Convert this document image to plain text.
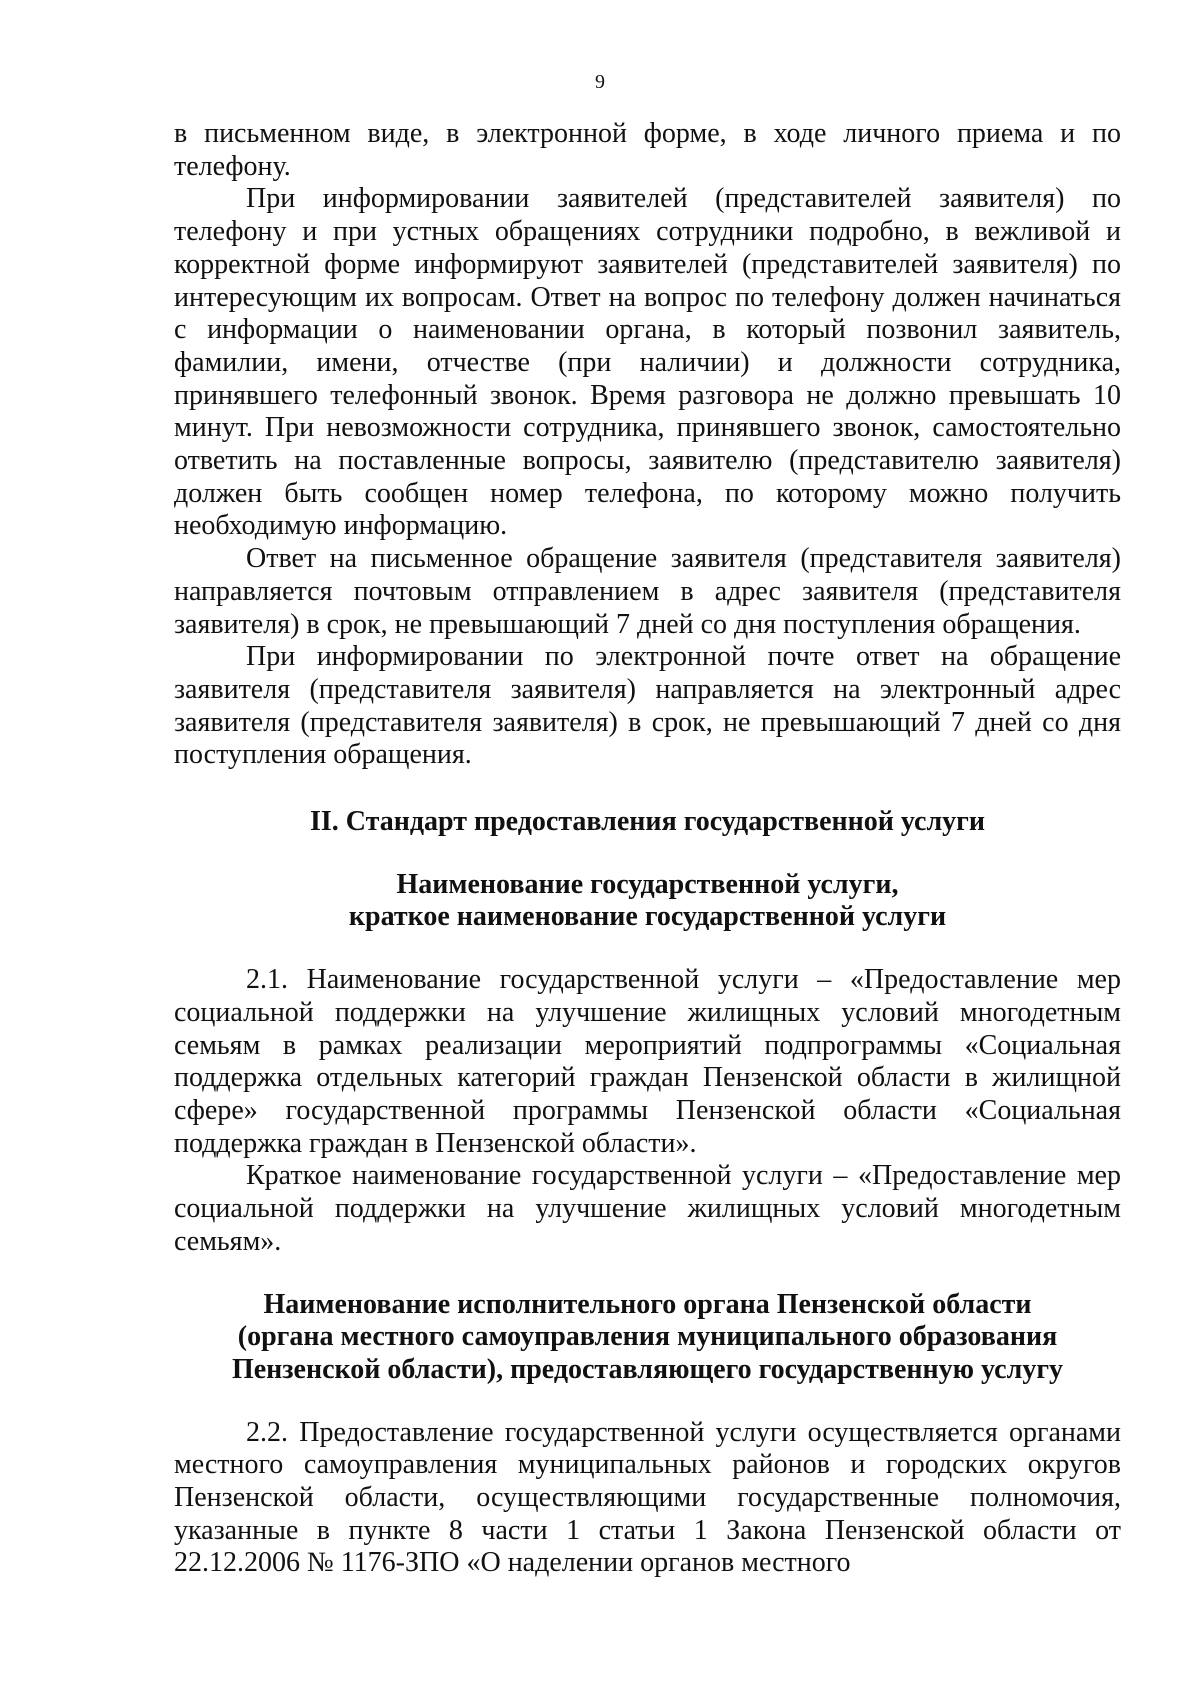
9

в письменном виде, в электронной форме, в ходе личного приема и по телефону.

При информировании заявителей (представителей заявителя) по телефону и при устных обращениях сотрудники подробно, в вежливой и корректной форме информируют заявителей (представителей заявителя) по интересующим их вопросам. Ответ на вопрос по телефону должен начинаться с информации о наименовании органа, в который позвонил заявитель, фамилии, имени, отчестве (при наличии) и должности сотрудника, принявшего телефонный звонок. Время разговора не должно превышать 10 минут. При невозможности сотрудника, принявшего звонок, самостоятельно ответить на поставленные вопросы, заявителю (представителю заявителя) должен быть сообщен номер телефона, по которому можно получить необходимую информацию.

Ответ на письменное обращение заявителя (представителя заявителя) направляется почтовым отправлением в адрес заявителя (представителя заявителя) в срок, не превышающий 7 дней со дня поступления обращения.

При информировании по электронной почте ответ на обращение заявителя (представителя заявителя) направляется на электронный адрес заявителя (представителя заявителя) в срок, не превышающий 7 дней со дня поступления обращения.

II. Стандарт предоставления государственной услуги
Наименование государственной услуги,
краткое наименование государственной услуги

2.1. Наименование государственной услуги – «Предоставление мер социальной поддержки на улучшение жилищных условий многодетным семьям в рамках реализации мероприятий подпрограммы «Социальная поддержка отдельных категорий граждан Пензенской области в жилищной сфере» государственной программы Пензенской области «Социальная поддержка граждан в Пензенской области».

Краткое наименование государственной услуги – «Предоставление мер социальной поддержки на улучшение жилищных условий многодетным семьям».

Наименование исполнительного органа Пензенской области
(органа местного самоуправления муниципального образования
Пензенской области), предоставляющего государственную услугу

2.2. Предоставление государственной услуги осуществляется органами местного самоуправления муниципальных районов и городских округов Пензенской области, осуществляющими государственные полномочия, указанные в пункте 8 части 1 статьи 1 Закона Пензенской области от 22.12.2006 № 1176-ЗПО «О наделении органов местного
